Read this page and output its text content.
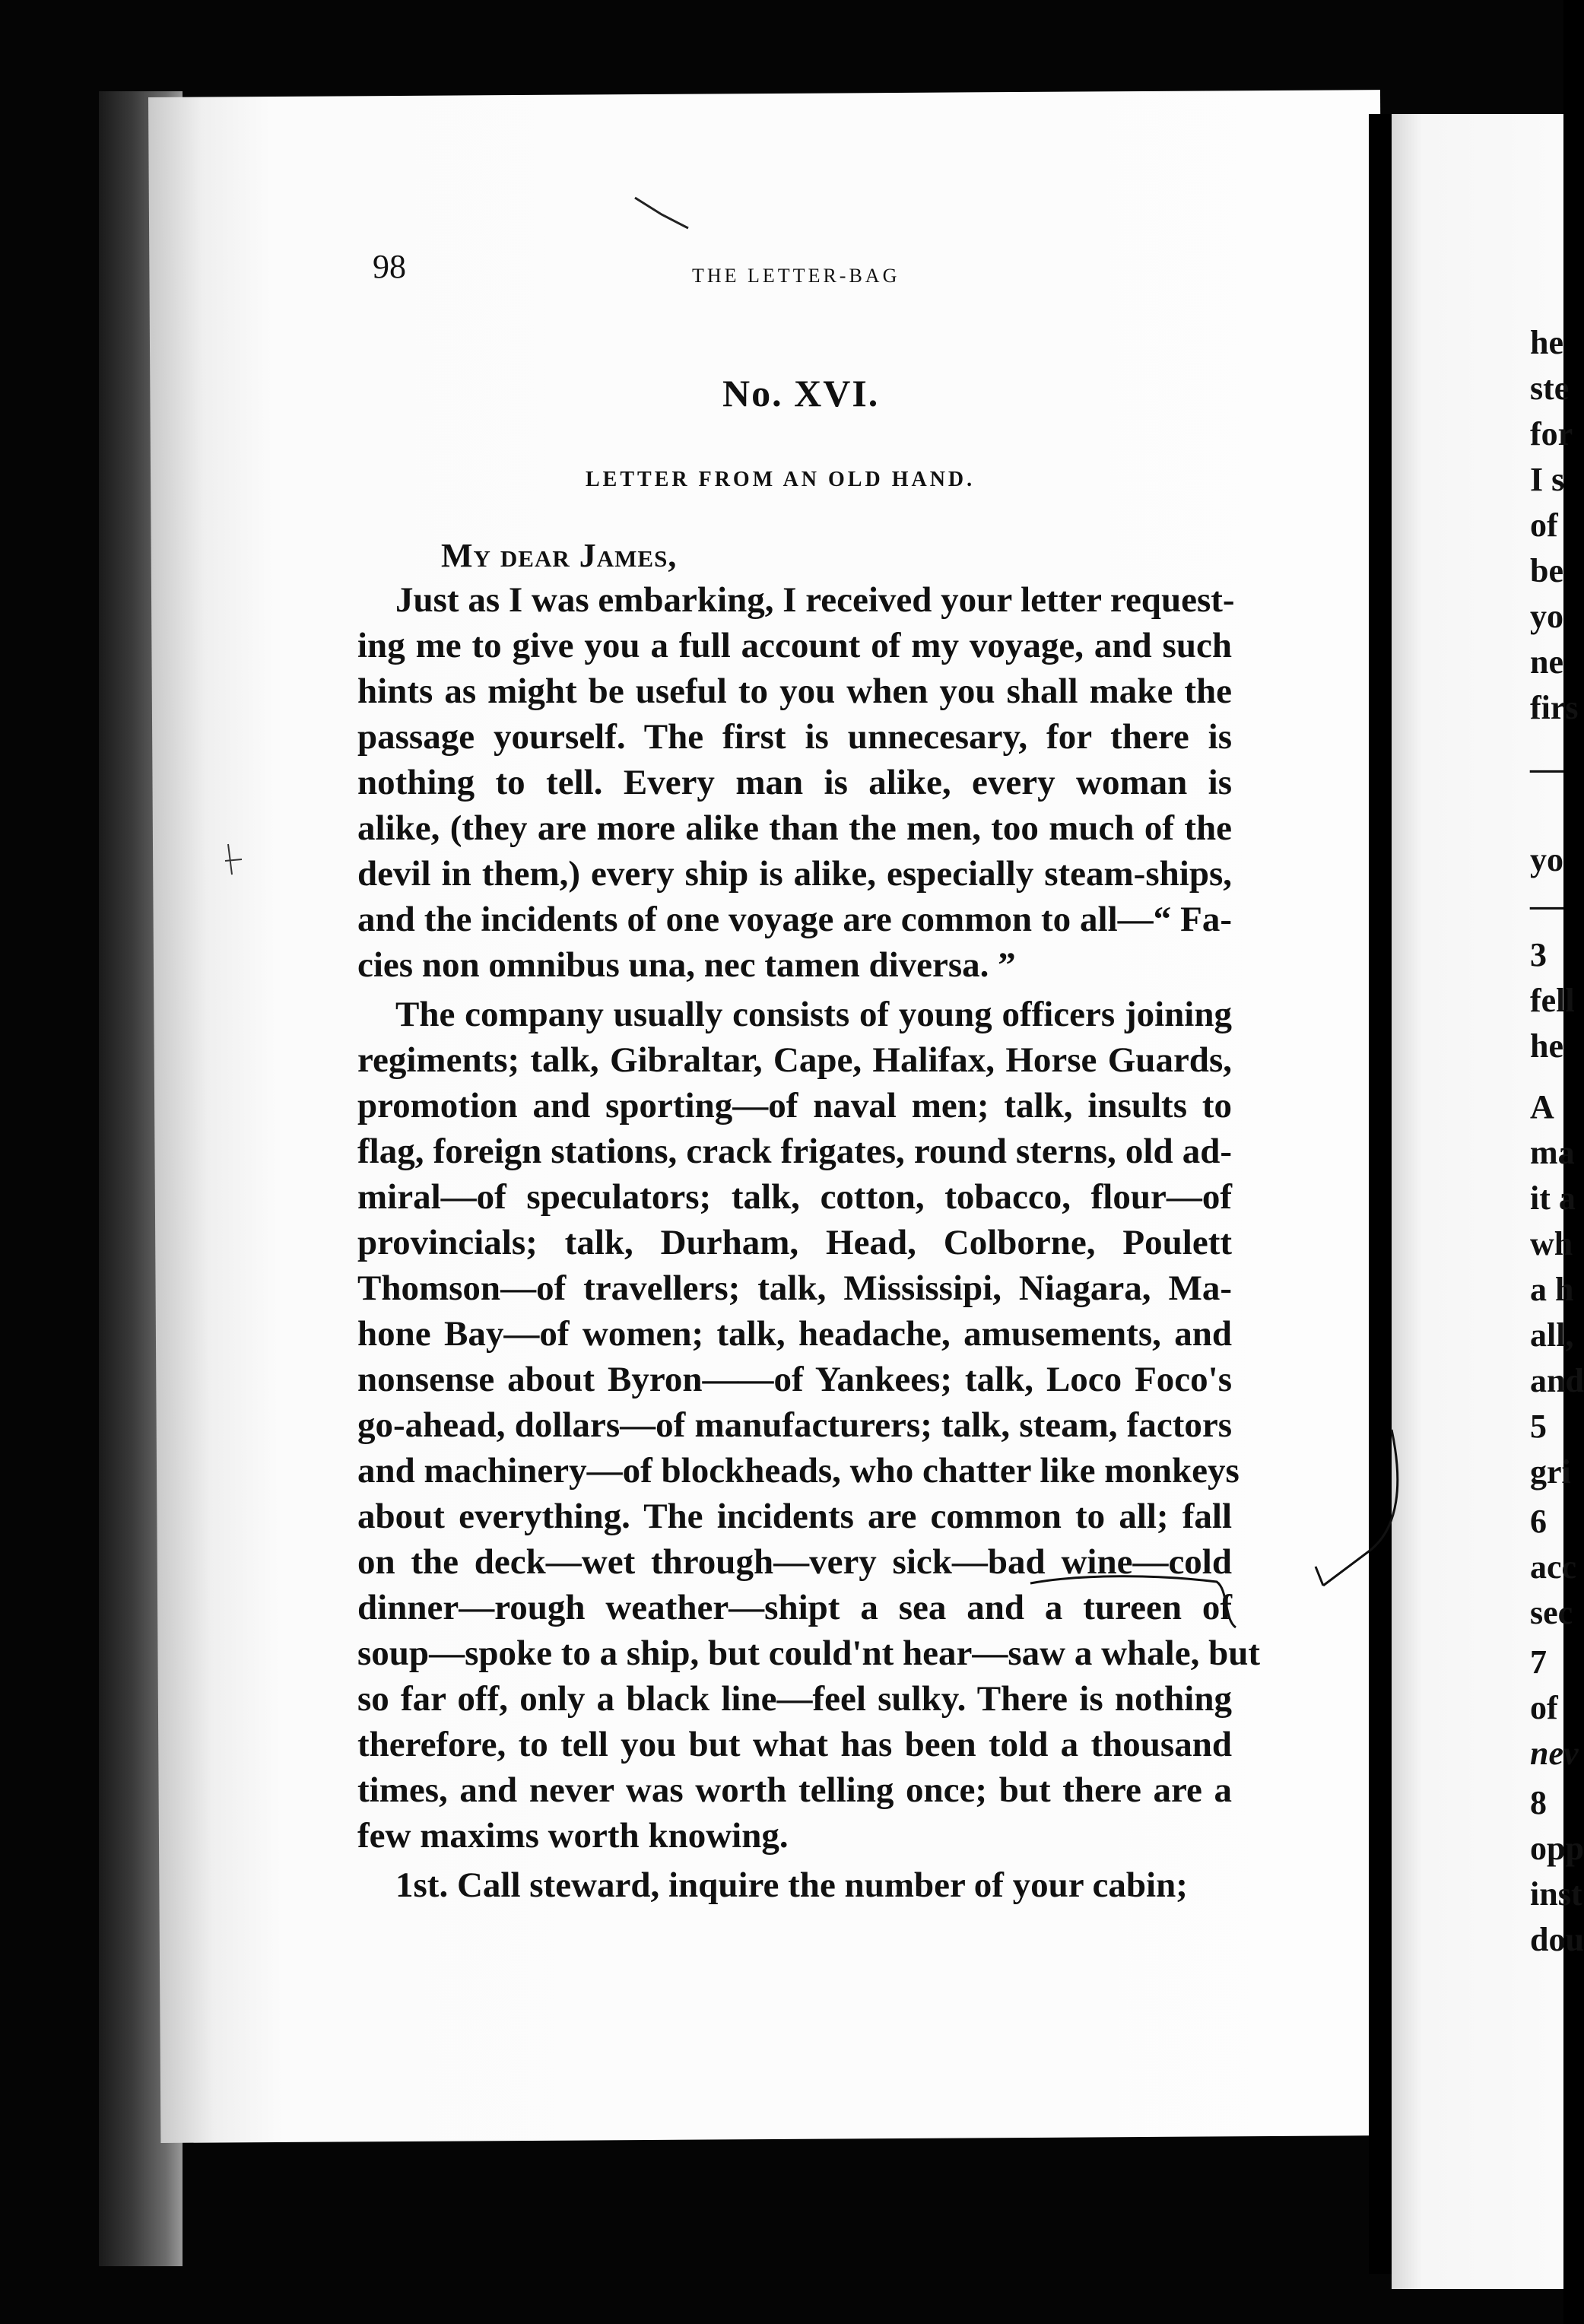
98	THE LETTER-BAG
No. XVI.
LETTER FROM AN OLD HAND.
My dear James,
Just as I was embarking, I received your letter request-
ing me to give you a full account of my voyage, and such
hints as might be useful to you when you shall make the
passage yourself. The first is unnecesary, for there is
nothing to tell. Every man is alike, every woman is
alike, (they are more alike than the men, too much of the
devil in them,) every ship is alike, especially steam-ships,
and the incidents of one voyage are common to all—“ Fa-
cies non omnibus una, nec tamen diversa. ”
The company usually consists of young officers joining
regiments; talk, Gibraltar, Cape, Halifax, Horse Guards,
promotion and sporting—of naval men; talk, insults to
flag, foreign stations, crack frigates, round sterns, old ad-
miral—of speculators; talk, cotton, tobacco, flour—of
provincials; talk, Durham, Head, Colborne, Poulett
Thomson—of travellers; talk, Mississipi, Niagara, Ma-
hone Bay—of women; talk, headache, amusements, and
nonsense about Byron——of Yankees; talk, Loco Foco's
go-ahead, dollars—of manufacturers; talk, steam, factors
and machinery—of blockheads, who chatter like monkeys
about everything. The incidents are common to all; fall
on the deck—wet through—very sick—bad wine—cold
dinner—rough weather—shipt a sea and a tureen of
soup—spoke to a ship, but could'nt hear—saw a whale, but
so far off, only a black line—feel sulky. There is nothing
therefore, to tell you but what has been told a thousand
times, and never was worth telling once; but there are a
few maxims worth knowing.
1st. Call steward, inquire the number of your cabin;
he
ste
for
I s
of
be
yo
ne
firs
—
yo
—
3
fell
he
A
ma
it a
wh
a h
all,
and
5
gri
6
acc
sec
7
of
nev
8
opp
inst
dou
